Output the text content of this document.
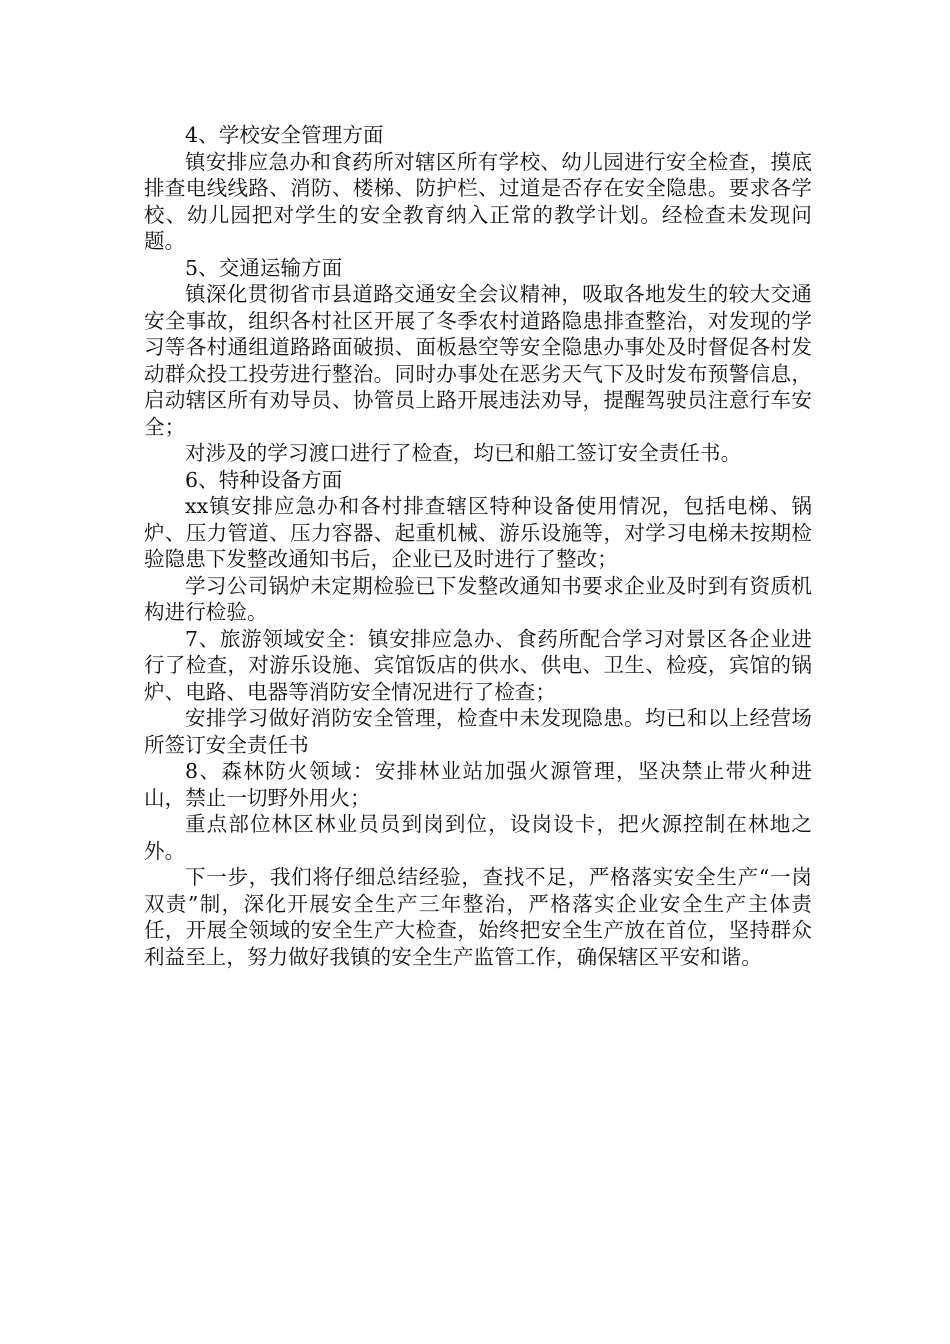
4、学校安全管理方面

镇安排应急办和食药所对辖区所有学校、幼儿园进行安全检查，摸底排查电线线路、消防、楼梯、防护栏、过道是否存在安全隐患。要求各学校、幼儿园把对学生的安全教育纳入正常的教学计划。经检查未发现问题。

5、交通运输方面

镇深化贯彻省市县道路交通安全会议精神，吸取各地发生的较大交通安全事故，组织各村社区开展了冬季农村道路隐患排查整治，对发现的学习等各村通组道路路面破损、面板悬空等安全隐患办事处及时督促各村发动群众投工投劳进行整治。同时办事处在恶劣天气下及时发布预警信息，启动辖区所有劝导员、协管员上路开展违法劝导，提醒驾驶员注意行车安全；

对涉及的学习渡口进行了检查，均已和船工签订安全责任书。

6、特种设备方面

xx镇安排应急办和各村排查辖区特种设备使用情况，包括电梯、锅炉、压力管道、压力容器、起重机械、游乐设施等，对学习电梯未按期检验隐患下发整改通知书后，企业已及时进行了整改；

学习公司锅炉未定期检验已下发整改通知书要求企业及时到有资质机构进行检验。

7、旅游领域安全：镇安排应急办、食药所配合学习对景区各企业进行了检查，对游乐设施、宾馆饭店的供水、供电、卫生、检疫，宾馆的锅炉、电路、电器等消防安全情况进行了检查；

安排学习做好消防安全管理，检查中未发现隐患。均已和以上经营场所签订安全责任书

8、森林防火领域：安排林业站加强火源管理，坚决禁止带火种进山，禁止一切野外用火；

重点部位林区林业员员到岗到位，设岗设卡，把火源控制在林地之外。

下一步，我们将仔细总结经验，查找不足，严格落实安全生产“一岗双责”制，深化开展安全生产三年整治，严格落实企业安全生产主体责任，开展全领域的安全生产大检查，始终把安全生产放在首位，坚持群众利益至上，努力做好我镇的安全生产监管工作，确保辖区平安和谐。
